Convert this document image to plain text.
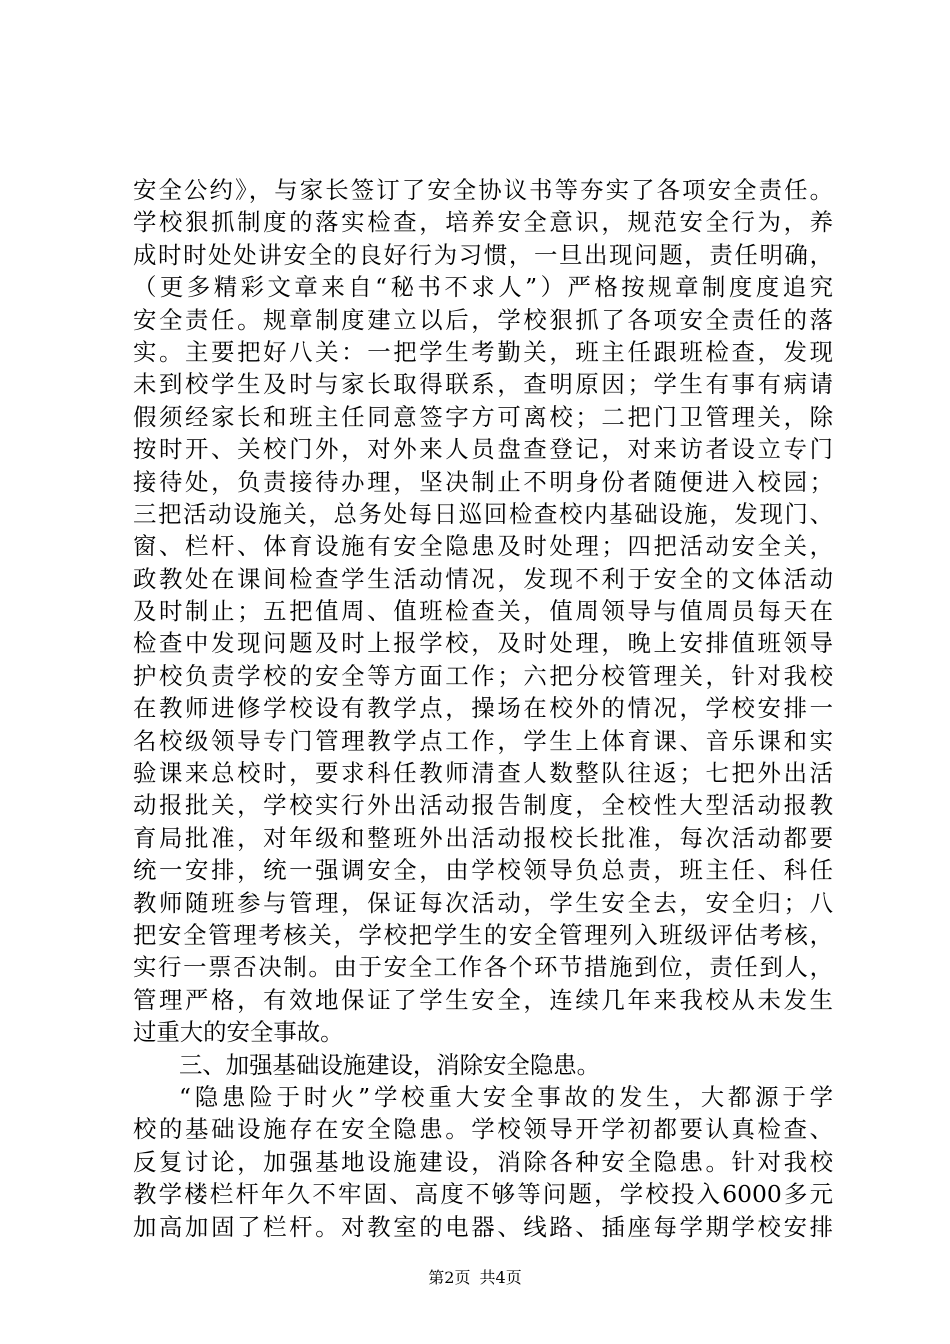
安全公约》，与家长签订了安全协议书等夯实了各项安全责任。
学校狠抓制度的落实检查，培养安全意识，规范安全行为，养
成时时处处讲安全的良好行为习惯，一旦出现问题，责任明确，
（更多精彩文章来自“秘书不求人”）严格按规章制度度追究
安全责任。规章制度建立以后，学校狠抓了各项安全责任的落
实。主要把好八关：一把学生考勤关，班主任跟班检查，发现
未到校学生及时与家长取得联系，查明原因；学生有事有病请
假须经家长和班主任同意签字方可离校；二把门卫管理关，除
按时开、关校门外，对外来人员盘查登记，对来访者设立专门
接待处，负责接待办理，坚决制止不明身份者随便进入校园；
三把活动设施关，总务处每日巡回检查校内基础设施，发现门、
窗、栏杆、体育设施有安全隐患及时处理；四把活动安全关，
政教处在课间检查学生活动情况，发现不利于安全的文体活动
及时制止；五把值周、值班检查关，值周领导与值周员每天在
检查中发现问题及时上报学校，及时处理，晚上安排值班领导
护校负责学校的安全等方面工作；六把分校管理关，针对我校
在教师进修学校设有教学点，操场在校外的情况，学校安排一
名校级领导专门管理教学点工作，学生上体育课、音乐课和实
验课来总校时，要求科任教师清查人数整队往返；七把外出活
动报批关，学校实行外出活动报告制度，全校性大型活动报教
育局批准，对年级和整班外出活动报校长批准，每次活动都要
统一安排，统一强调安全，由学校领导负总责，班主任、科任
教师随班参与管理，保证每次活动，学生安全去，安全归；八
把安全管理考核关，学校把学生的安全管理列入班级评估考核，
实行一票否决制。由于安全工作各个环节措施到位，责任到人，
管理严格，有效地保证了学生安全，连续几年来我校从未发生
过重大的安全事故。
三、加强基础设施建设，消除安全隐患。
“隐患险于时火”学校重大安全事故的发生，大都源于学
校的基础设施存在安全隐患。学校领导开学初都要认真检查、
反复讨论，加强基地设施建设，消除各种安全隐患。针对我校
教学楼栏杆年久不牢固、高度不够等问题，学校投入6000多元
加高加固了栏杆。对教室的电器、线路、插座每学期学校安排
第2页 共4页
